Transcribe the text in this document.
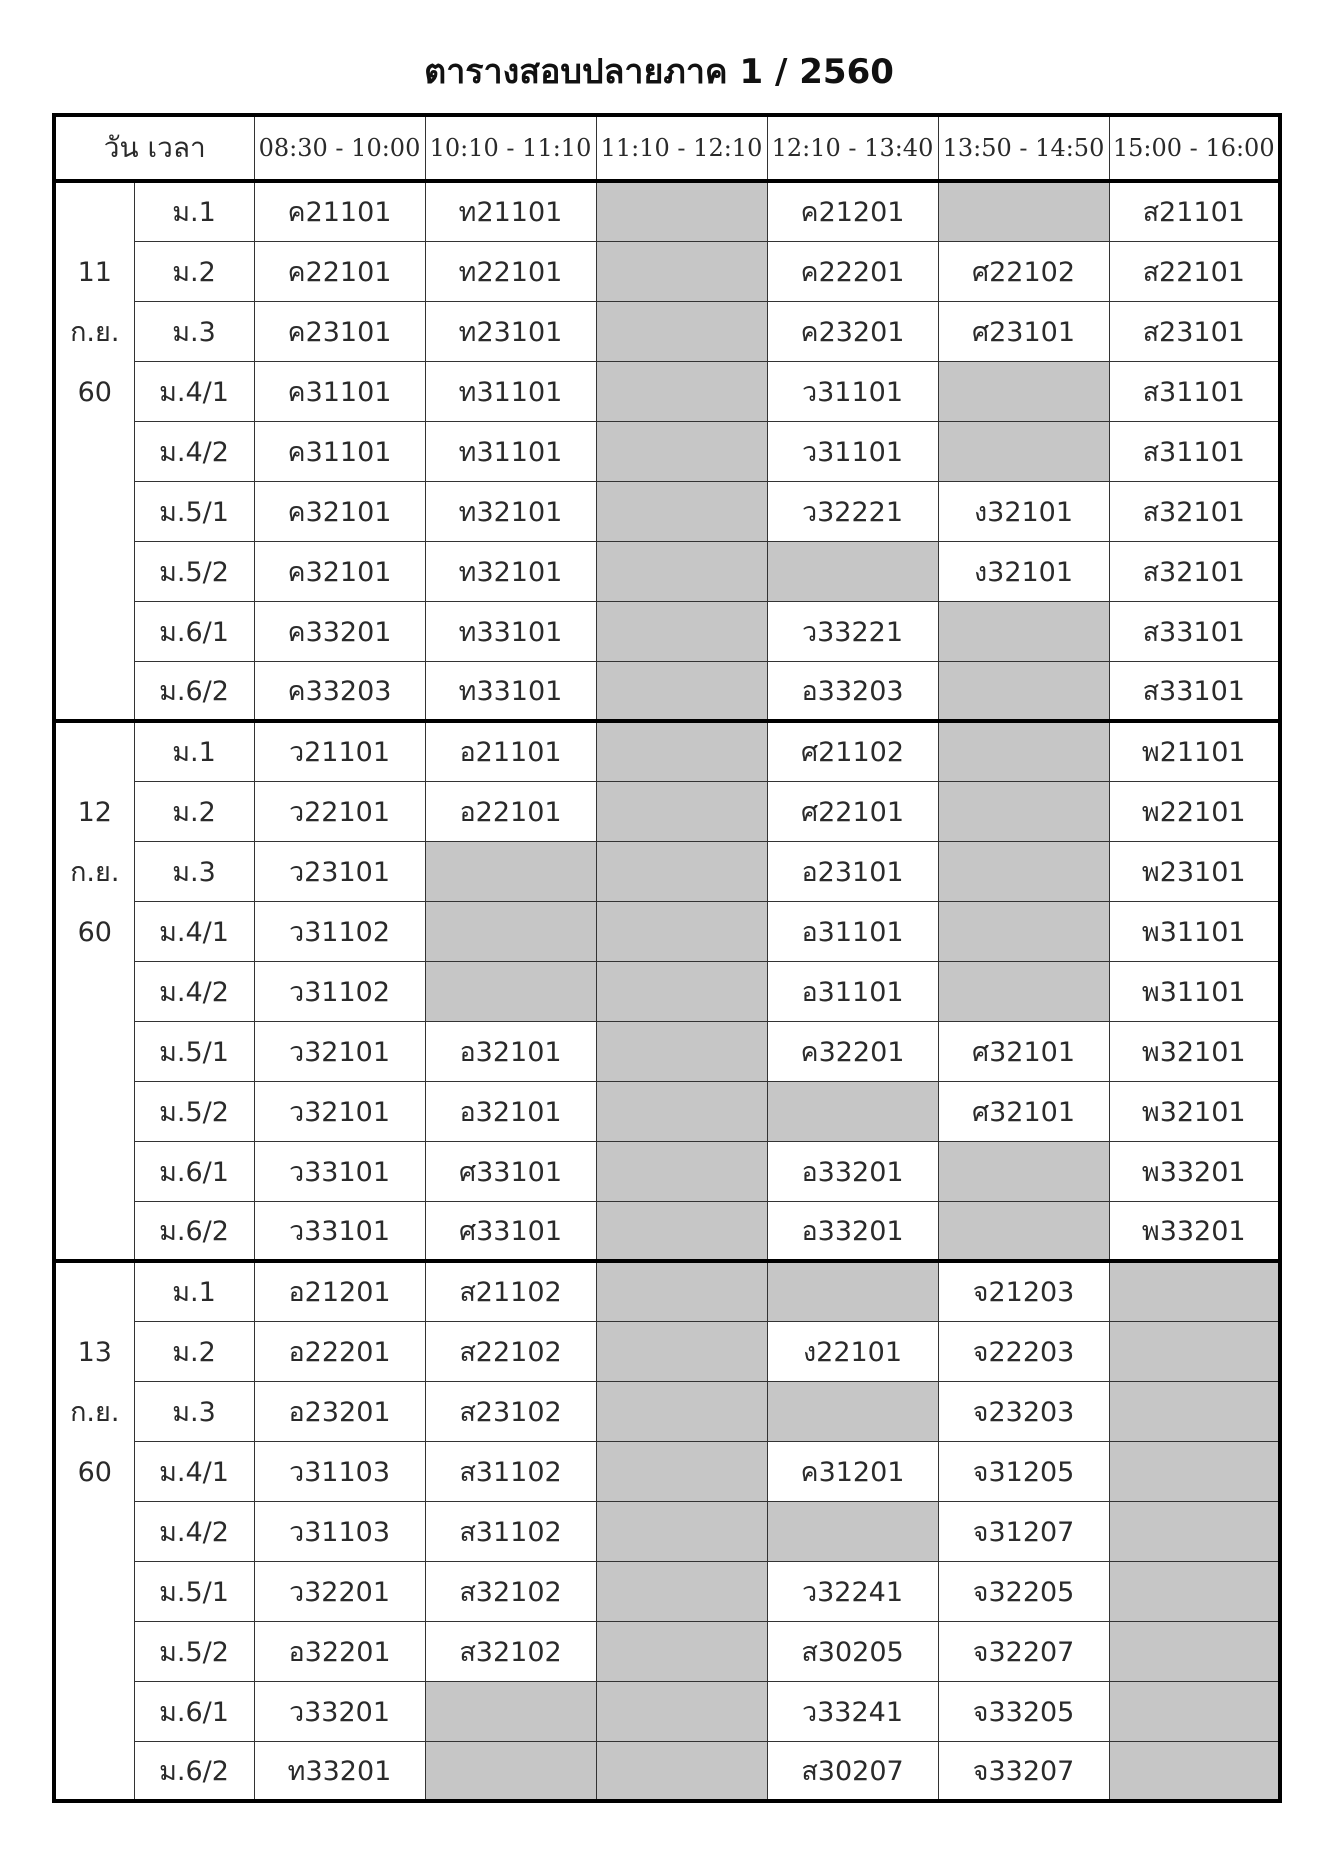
ตารางสอบปลายภาค 1 / 2560
วัน เวลา		08:30 - 10:00	10:10 - 11:10	11:10 - 12:10	12:10 - 13:40	13:50 - 14:50	15:00 - 16:00

11
ก.ย.
60	ม.1	ค21101	ท21101		ค21201		ส21101
	ม.2	ค22101	ท22101		ค22201	ศ22102	ส22101
	ม.3	ค23101	ท23101		ค23201	ศ23101	ส23101
	ม.4/1	ค31101	ท31101		ว31101		ส31101
	ม.4/2	ค31101	ท31101		ว31101		ส31101
	ม.5/1	ค32101	ท32101		ว32221	ง32101	ส32101
	ม.5/2	ค32101	ท32101			ง32101	ส32101
	ม.6/1	ค33201	ท33101		ว33221		ส33101
	ม.6/2	ค33203	ท33101		อ33203		ส33101

12
ก.ย.
60	ม.1	ว21101	อ21101		ศ21102		พ21101
	ม.2	ว22101	อ22101		ศ22101		พ22101
	ม.3	ว23101			อ23101		พ23101
	ม.4/1	ว31102			อ31101		พ31101
	ม.4/2	ว31102			อ31101		พ31101
	ม.5/1	ว32101	อ32101		ค32201	ศ32101	พ32101
	ม.5/2	ว32101	อ32101			ศ32101	พ32101
	ม.6/1	ว33101	ศ33101		อ33201		พ33201
	ม.6/2	ว33101	ศ33101		อ33201		พ33201

13
ก.ย.
60	ม.1	อ21201	ส21102			จ21203	
	ม.2	อ22201	ส22102		ง22101	จ22203	
	ม.3	อ23201	ส23102			จ23203	
	ม.4/1	ว31103	ส31102		ค31201	จ31205	
	ม.4/2	ว31103	ส31102			จ31207	
	ม.5/1	ว32201	ส32102		ว32241	จ32205	
	ม.5/2	อ32201	ส32102		ส30205	จ32207	
	ม.6/1	ว33201			ว33241	จ33205	
	ม.6/2	ท33201			ส30207	จ33207	
